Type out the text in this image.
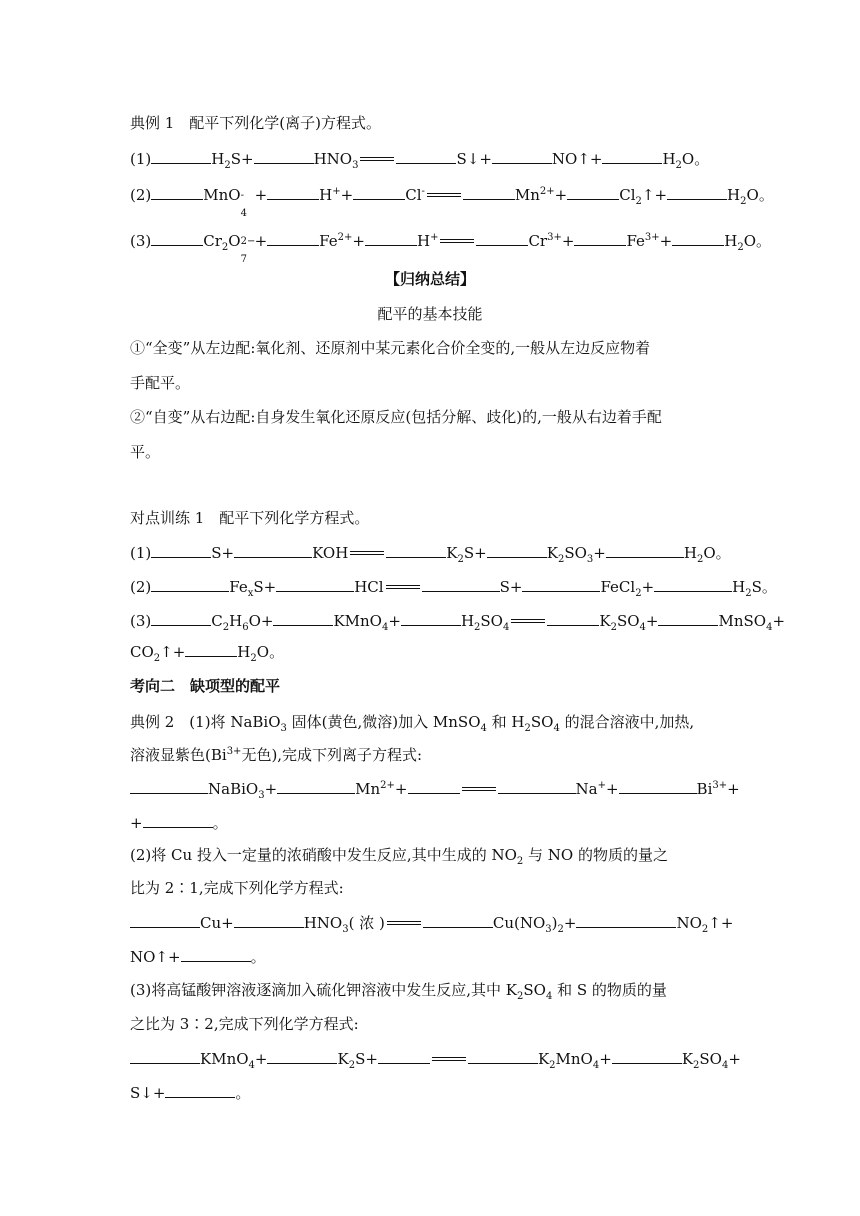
典例 1　配平下列化学(离子)方程式。
(1)	$H_2S+$	$HNO_3$	S↓+	NO↑+	$H_2O$。
(2)	MnO -
4
+	H++	Cl-	$Mn^{2+}+$	$Cl_2↑+$	$H_2O$。
(3)	$Cr_2O$ 2−
7
+	$Fe^{2+}+$	H+	$Cr^{3+}+$	$Fe^{3+}+$	$H_2O$。
【归纳总结】
配平的基本技能
①“全变”从左边配:氧化剂、还原剂中某元素化合价全变的,一般从左边反应物着
手配平。
②“自变”从右边配:自身发生氧化还原反应(包括分解、歧化)的,一般从右边着手配
平。
对点训练 1　配平下列化学方程式。
(1)	S+	KOH	$K_2S+$	$K_2SO_3+$	$H_2O$。
(2)	$Fe_xS+$	HCl	S+	FeCl$_2$+	$H_2S$。
(3)	$C_2H_6O+$	KMnO$_4$+	$H_2SO_4$	$K_2SO_4+$	MnSO$_4$+
$CO_2↑+$	$H_2O$。
考向二　缺项型的配平
典例 2　(1)将 NaBiO$_3$ 固体(黄色,微溶)加入 MnSO$_4$ 和 $H_2SO_4$ 的混合溶液中,加热,
溶液显紫色($Bi^{3+}$无色),完成下列离子方程式:
NaBiO$_3$+	$Mn^{2+}+$	Na++	$Bi^{3+}+$
+	。
(2)将 Cu 投入一定量的浓硝酸中发生反应,其中生成的 $NO_2$ 与 NO 的物质的量之
比为 2∶1,完成下列化学方程式:
Cu+	$HNO_3$( 浓 )	$Cu(NO_3)_2+$	$NO_2↑+$
NO↑+	。
(3)将高锰酸钾溶液逐滴加入硫化钾溶液中发生反应,其中 $K_2SO_4$ 和 S 的物质的量
之比为 3∶2,完成下列化学方程式:
KMnO$_4$+	$K_2S+$	$K_2MnO_4+$	$K_2SO_4+$
S↓+	。
